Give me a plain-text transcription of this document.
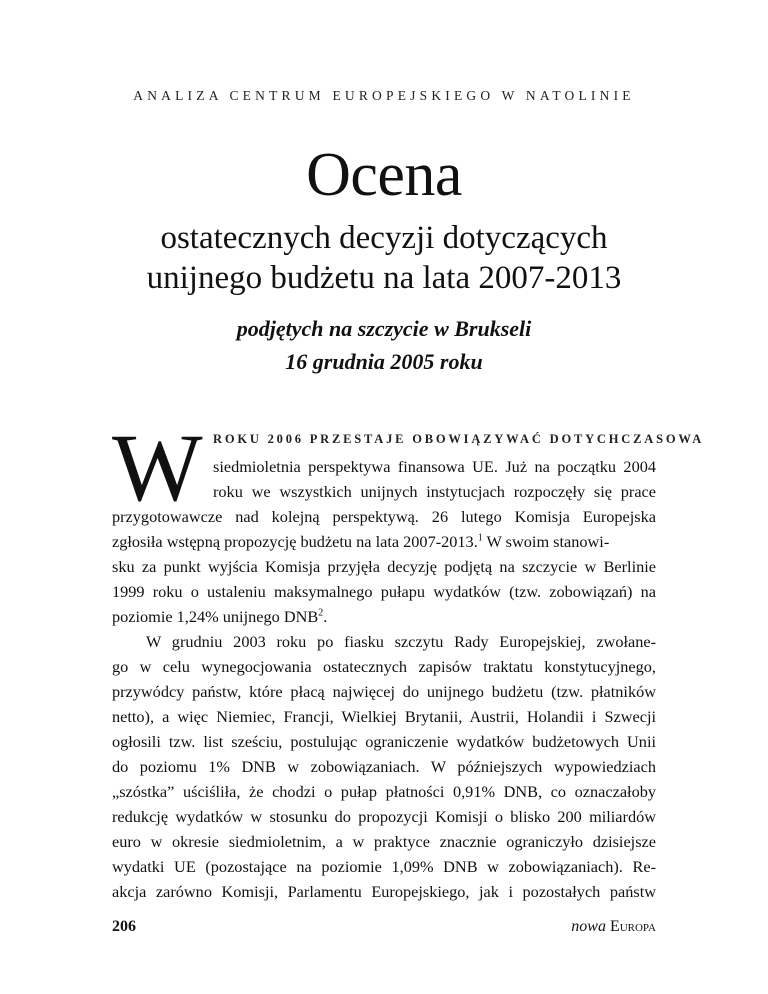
ANALIZA CENTRUM EUROPEJSKIEGO W NATOLINIE
Ocena
ostatecznych decyzji dotyczących
unijnego budżetu na lata 2007-2013
podjętych na szczycie w Brukseli
16 grudnia 2005 roku
W ROKU 2006 PRZESTAJE OBOWIĄZYWAĆ DOTYCHCZASOWA
siedmioletnia perspektywa finansowa UE. Już na początku 2004
roku we wszystkich unijnych instytucjach rozpoczęły się prace
przygotowawcze nad kolejną perspektywą. 26 lutego Komisja Europejska
zgłosiła wstępną propozycję budżetu na lata 2007-2013.$^1$ W swoim stanowi-
sku za punkt wyjścia Komisja przyjęła decyzję podjętą na szczycie w Berlinie
1999 roku o ustaleniu maksymalnego pułapu wydatków (tzw. zobowiązań) na
poziomie 1,24% unijnego DNB$^2$.
W grudniu 2003 roku po fiasku szczytu Rady Europejskiej, zwołane-
go w celu wynegocjowania ostatecznych zapisów traktatu konstytucyjnego,
przywódcy państw, które płacą najwięcej do unijnego budżetu (tzw. płatników
netto), a więc Niemiec, Francji, Wielkiej Brytanii, Austrii, Holandii i Szwecji
ogłosili tzw. list sześciu, postulując ograniczenie wydatków budżetowych Unii
do poziomu 1% DNB w zobowiązaniach. W późniejszych wypowiedziach
„szóstka” uściśliła, że chodzi o pułap płatności 0,91% DNB, co oznaczałoby
redukcję wydatków w stosunku do propozycji Komisji o blisko 200 miliardów
euro w okresie siedmioletnim, a w praktyce znacznie ograniczyło dzisiejsze
wydatki UE (pozostające na poziomie 1,09% DNB w zobowiązaniach). Re-
akcja zarówno Komisji, Parlamentu Europejskiego, jak i pozostałych państw
206	nowa Europa
